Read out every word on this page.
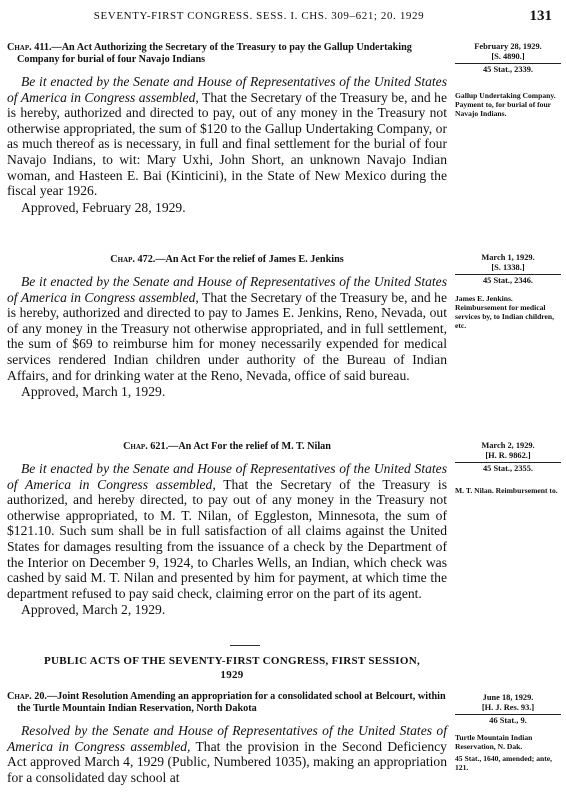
SEVENTY-FIRST CONGRESS. SESS. I. CHS. 309–621; 20. 1929	131
Chap. 411.—An Act Authorizing the Secretary of the Treasury to pay the Gallup Undertaking Company for burial of four Navajo Indians

Be it enacted by the Senate and House of Representatives of the United States of America in Congress assembled, That the Secretary of the Treasury be, and he is hereby, authorized and directed to pay, out of any money in the Treasury not otherwise appropriated, the sum of $120 to the Gallup Undertaking Company, or as much thereof as is necessary, in full and final settlement for the burial of four Navajo Indians, to wit: Mary Uxhi, John Short, an unknown Navajo Indian woman, and Hasteen E. Bai (Kinticini), in the State of New Mexico during the fiscal year 1926.

Approved, February 28, 1929.
February 28, 1929.
[S. 4890.]
45 Stat., 2339.
Gallup Undertaking Company. Payment to, for burial of four Navajo Indians.
Chap. 472.—An Act For the relief of James E. Jenkins

Be it enacted by the Senate and House of Representatives of the United States of America in Congress assembled, That the Secretary of the Treasury be, and he is hereby, authorized and directed to pay to James E. Jenkins, Reno, Nevada, out of any money in the Treasury not otherwise appropriated, and in full settlement, the sum of $69 to reimburse him for money necessarily expended for medical services rendered Indian children under authority of the Bureau of Indian Affairs, and for drinking water at the Reno, Nevada, office of said bureau.

Approved, March 1, 1929.
March 1, 1929.
[S. 1338.]
45 Stat., 2346.
James E. Jenkins. Reimbursement for medical services by, to Indian children, etc.
Chap. 621.—An Act For the relief of M. T. Nilan

Be it enacted by the Senate and House of Representatives of the United States of America in Congress assembled, That the Secretary of the Treasury is authorized, and hereby directed, to pay out of any money in the Treasury not otherwise appropriated, to M. T. Nilan, of Eggleston, Minnesota, the sum of $121.10. Such sum shall be in full satisfaction of all claims against the United States for damages resulting from the issuance of a check by the Department of the Interior on December 9, 1924, to Charles Wells, an Indian, which check was cashed by said M. T. Nilan and presented by him for payment, at which time the department refused to pay said check, claiming error on the part of its agent.

Approved, March 2, 1929.
March 2, 1929.
[H. R. 9862.]
45 Stat., 2355.
M. T. Nilan. Reimbursement to.
PUBLIC ACTS OF THE SEVENTY-FIRST CONGRESS, FIRST SESSION, 1929
Chap. 20.—Joint Resolution Amending an appropriation for a consolidated school at Belcourt, within the Turtle Mountain Indian Reservation, North Dakota

Resolved by the Senate and House of Representatives of the United States of America in Congress assembled, That the provision in the Second Deficiency Act approved March 4, 1929 (Public, Numbered 1035), making an appropriation for a consolidated day school at

June 18, 1929.
[H. J. Res. 93.]
46 Stat., 9.
Turtle Mountain Indian Reservation, N. Dak.
45 Stat., 1640, amended; ante, 121.
